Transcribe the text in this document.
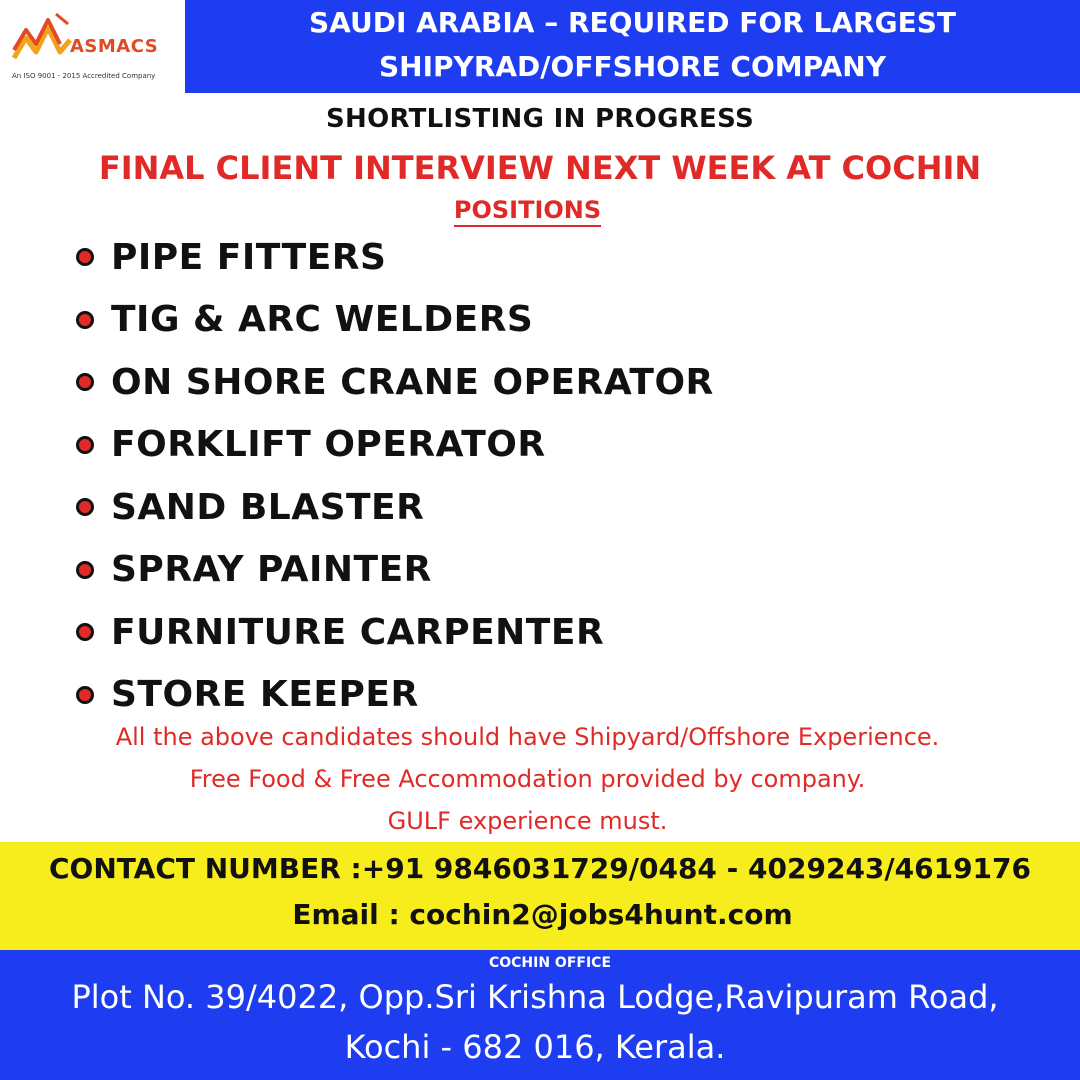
ASMACS
An ISO 9001 - 2015 Accredited Company
SAUDI ARABIA – REQUIRED FOR LARGEST
SHIPYRAD/OFFSHORE COMPANY
SHORTLISTING IN PROGRESS
FINAL CLIENT INTERVIEW NEXT WEEK AT COCHIN
POSITIONS
PIPE FITTERS
TIG & ARC WELDERS
ON SHORE CRANE OPERATOR
FORKLIFT OPERATOR
SAND BLASTER
SPRAY PAINTER
FURNITURE CARPENTER
STORE KEEPER
All the above candidates should have Shipyard/Offshore Experience.
Free Food & Free Accommodation provided by company.
GULF experience must.
CONTACT NUMBER :+91 9846031729/0484 - 4029243/4619176
Email : cochin2@jobs4hunt.com
COCHIN OFFICE
Plot No. 39/4022, Opp.Sri Krishna Lodge,Ravipuram Road,
Kochi - 682 016, Kerala.
